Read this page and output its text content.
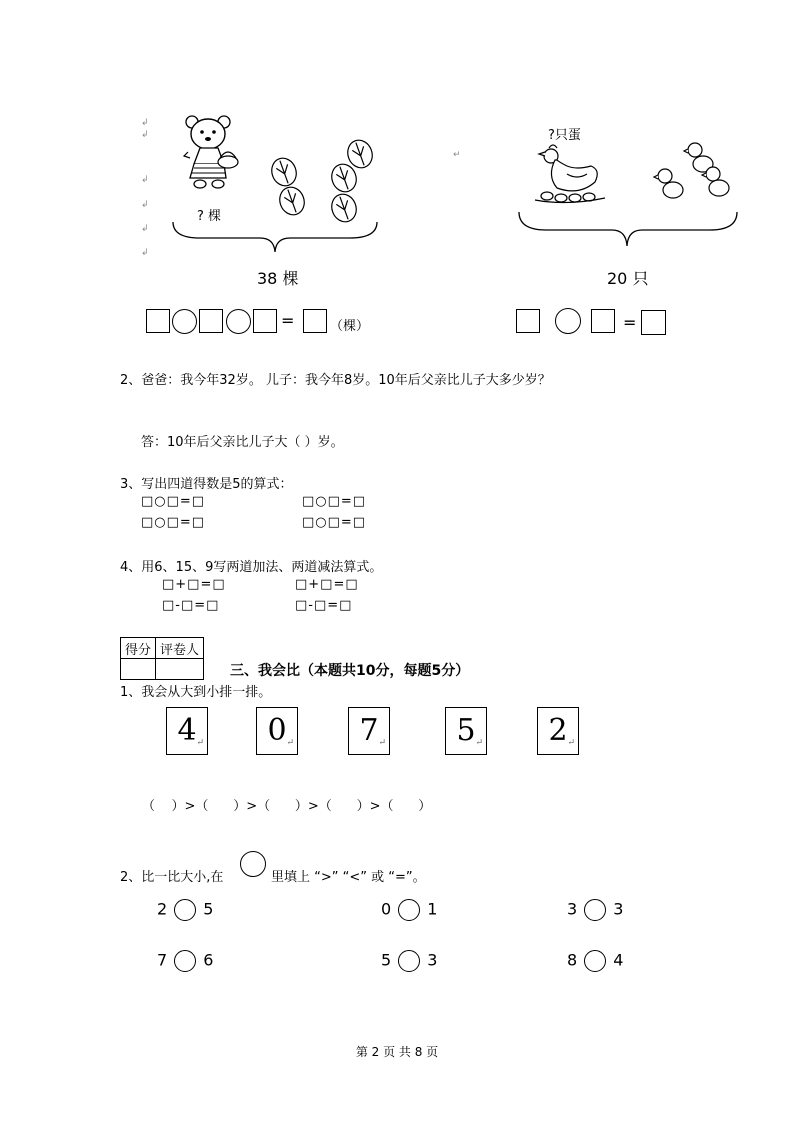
↲
↲
↲
↲
↲
↲
? 棵
38 棵
=	（棵）
↵
?只蛋
20 只
=
2、爸爸：我今年32岁。 儿子：我今年8岁。10年后父亲比儿子大多少岁？
答：10年后父亲比儿子大（ ）岁。
3、写出四道得数是5的算式：
□○□=□	□○□=□
□○□=□	□○□=□
4、用6、15、9写两道加法、两道减法算式。
□+□=□	□+□=□
□-□=□	□-□=□
得分	评卷人

三、我会比（本题共10分，每题5分）
1、我会从大到小排一排。
4 ↵	0 ↵	7 ↵	5 ↵	2 ↵
（    ）>（      ）>（      ）>（      ）>（      ）
2、比一比大小,在	里填上 “>” “<” 或 “=”。
2 5	0 1	3 3
7 6	5 3	8 4
第 2 页 共 8 页
